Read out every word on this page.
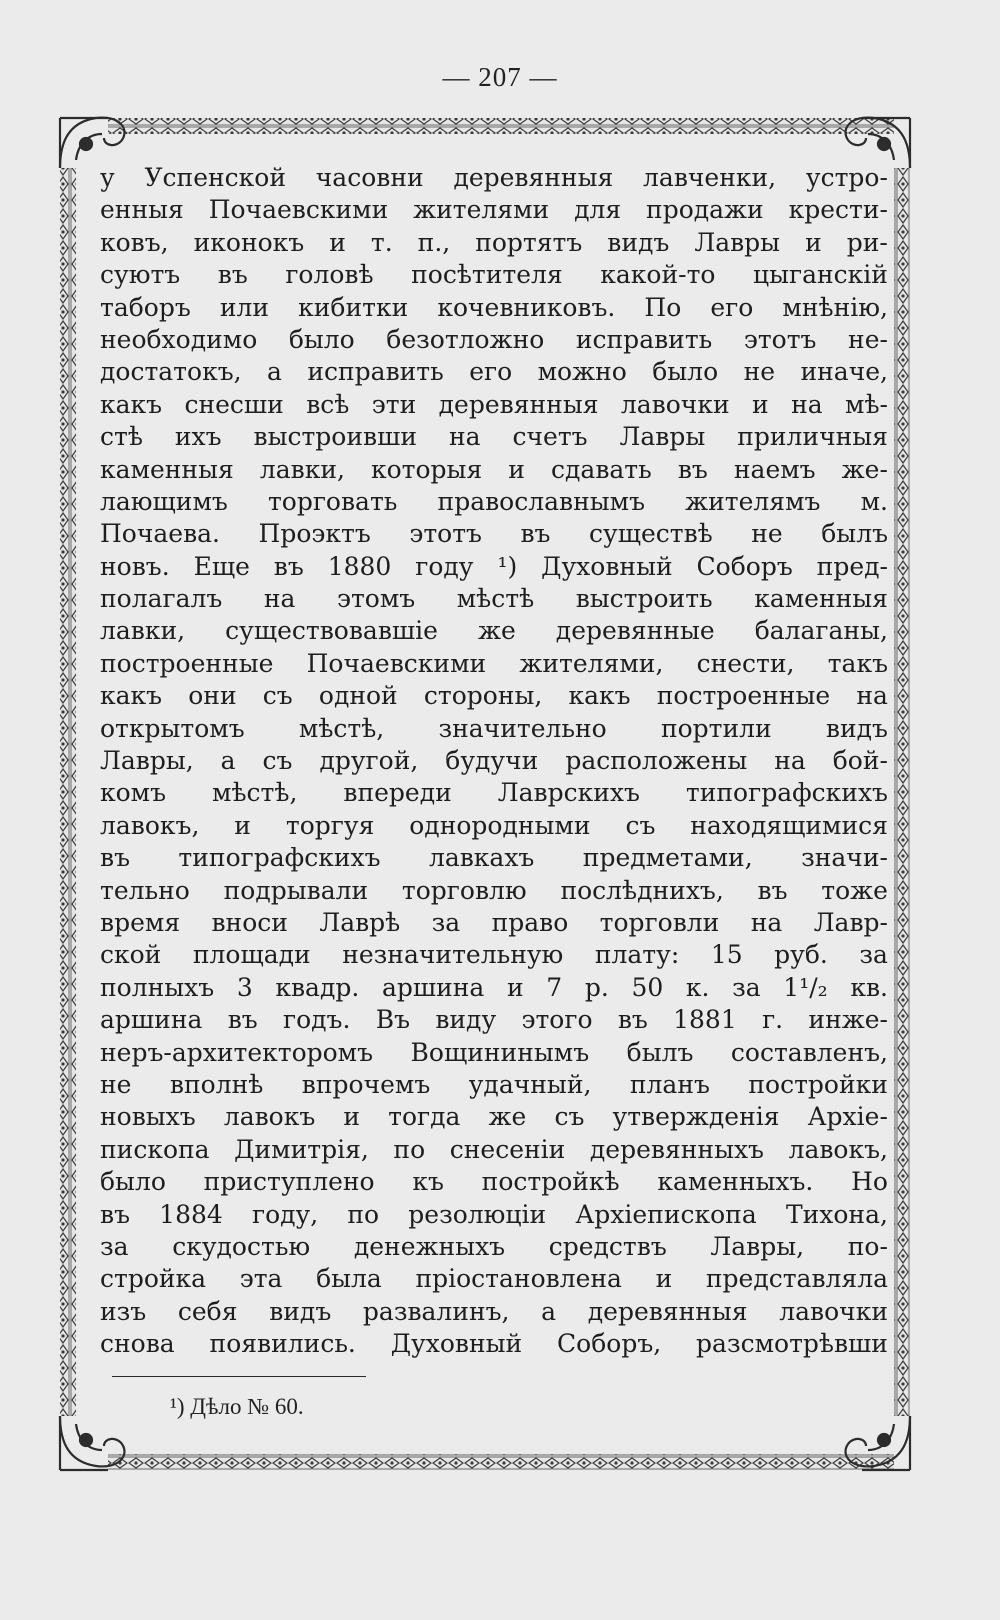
— 207 —
у Успенской часовни деревянныя лавченки, устро-
енныя Почаевскими жителями для продажи крести-
ковъ, иконокъ и т. п., портятъ видъ Лавры и ри-
суютъ въ головѣ посѣтителя какой-то цыганскій
таборъ или кибитки кочевниковъ. По его мнѣнію,
необходимо было безотложно исправить этотъ не-
достатокъ, а исправить его можно было не иначе,
какъ снесши всѣ эти деревянныя лавочки и на мѣ-
стѣ ихъ выстроивши на счетъ Лавры приличныя
каменныя лавки, которыя и сдавать въ наемъ же-
лающимъ торговать православнымъ жителямъ м.
Почаева. Проэктъ этотъ въ существѣ не былъ
новъ. Еще въ 1880 году ¹) Духовный Соборъ пред-
полагалъ на этомъ мѣстѣ выстроить каменныя
лавки, существовавшіе же деревянные балаганы,
построенные Почаевскими жителями, снести, такъ
какъ они съ одной стороны, какъ построенные на
открытомъ мѣстѣ, значительно портили видъ
Лавры, а съ другой, будучи расположены на бой-
комъ мѣстѣ, впереди Лаврскихъ типографскихъ
лавокъ, и торгуя однородными съ находящимися
въ типографскихъ лавкахъ предметами, значи-
тельно подрывали торговлю послѣднихъ, въ тоже
время вноси Лаврѣ за право торговли на Лавр-
ской площади незначительную плату: 15 руб. за
полныхъ 3 квадр. аршина и 7 р. 50 к. за 1¹/₂ кв.
аршина въ годъ. Въ виду этого въ 1881 г. инже-
неръ-архитекторомъ Вощининымъ былъ составленъ,
не вполнѣ впрочемъ удачный, планъ постройки
новыхъ лавокъ и тогда же съ утвержденія Архіе-
пископа Димитрія, по снесеніи деревянныхъ лавокъ,
было приступлено къ постройкѣ каменныхъ. Но
въ 1884 году, по резолюціи Архіепископа Тихона,
за скудостью денежныхъ средствъ Лавры, по-
стройка эта была пріостановлена и представляла
изъ себя видъ развалинъ, а деревянныя лавочки
снова появились. Духовный Соборъ, разсмотрѣвши
¹) Дѣло № 60.
